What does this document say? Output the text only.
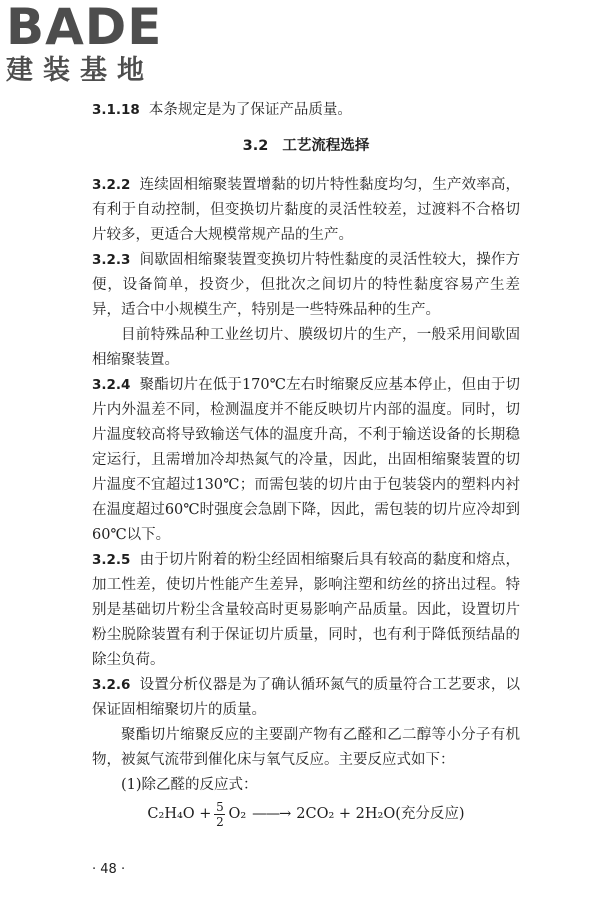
BADE
建装基地

3.1.18 本条规定是为了保证产品质量。

3.2 工艺流程选择

3.2.2 连续固相缩聚装置增黏的切片特性黏度均匀，生产效率高，有利于自动控制，但变换切片黏度的灵活性较差，过渡料不合格切片较多，更适合大规模常规产品的生产。

3.2.3 间歇固相缩聚装置变换切片特性黏度的灵活性较大，操作方便，设备简单，投资少，但批次之间切片的特性黏度容易产生差异，适合中小规模生产，特别是一些特殊品种的生产。

目前特殊品种工业丝切片、膜级切片的生产，一般采用间歇固相缩聚装置。

3.2.4 聚酯切片在低于170℃左右时缩聚反应基本停止，但由于切片内外温差不同，检测温度并不能反映切片内部的温度。同时，切片温度较高将导致输送气体的温度升高，不利于输送设备的长期稳定运行，且需增加冷却热氮气的冷量，因此，出固相缩聚装置的切片温度不宜超过130℃；而需包装的切片由于包装袋内的塑料内衬在温度超过60℃时强度会急剧下降，因此，需包装的切片应冷却到60℃以下。

3.2.5 由于切片附着的粉尘经固相缩聚后具有较高的黏度和熔点，加工性差，使切片性能产生差异，影响注塑和纺丝的挤出过程。特别是基础切片粉尘含量较高时更易影响产品质量。因此，设置切片粉尘脱除装置有利于保证切片质量，同时，也有利于降低预结晶的除尘负荷。

3.2.6 设置分析仪器是为了确认循环氮气的质量符合工艺要求，以保证固相缩聚切片的质量。

聚酯切片缩聚反应的主要副产物有乙醛和乙二醇等小分子有机物，被氮气流带到催化床与氧气反应。主要反应式如下：

(1)除乙醛的反应式：

$C_2H_4O + \frac{5}{2} O_2$ ——→ 2CO₂ + 2H₂O(充分反应)
· 48 ·
